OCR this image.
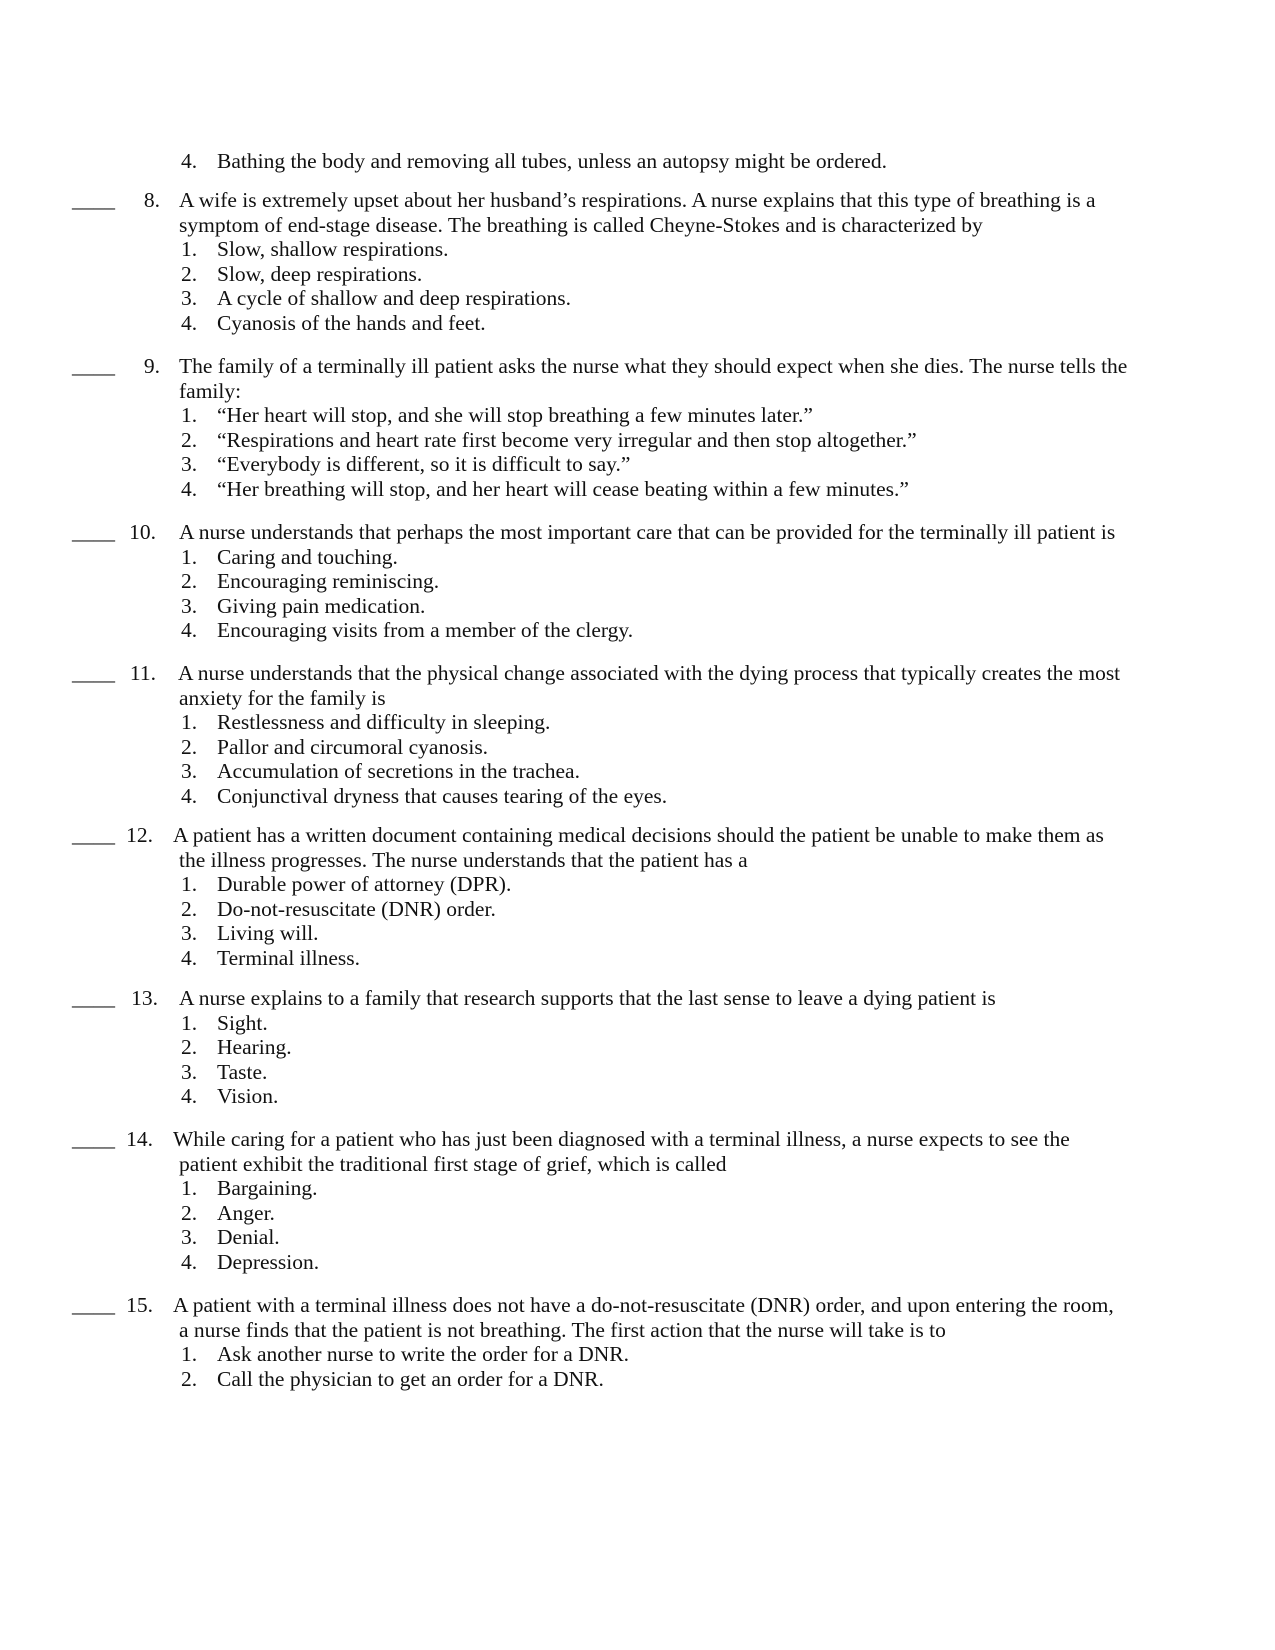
4. Bathing the body and removing all tubes, unless an autopsy might be ordered.
____	8. A wife is extremely upset about her husband’s respirations. A nurse explains that this type of breathing is a
symptom of end-stage disease. The breathing is called Cheyne-Stokes and is characterized by
1. Slow, shallow respirations.
2. Slow, deep respirations.
3. A cycle of shallow and deep respirations.
4. Cyanosis of the hands and feet.
____	9. The family of a terminally ill patient asks the nurse what they should expect when she dies. The nurse tells the
family:
1. “Her heart will stop, and she will stop breathing a few minutes later.”
2. “Respirations and heart rate first become very irregular and then stop altogether.”
3. “Everybody is different, so it is difficult to say.”
4. “Her breathing will stop, and her heart will cease beating within a few minutes.”
____ 10. A nurse understands that perhaps the most important care that can be provided for the terminally ill patient is
1. Caring and touching.
2. Encouraging reminiscing.
3. Giving pain medication.
4. Encouraging visits from a member of the clergy.
____ 11. A nurse understands that the physical change associated with the dying process that typically creates the most
anxiety for the family is
1. Restlessness and difficulty in sleeping.
2. Pallor and circumoral cyanosis.
3. Accumulation of secretions in the trachea.
4. Conjunctival dryness that causes tearing of the eyes.
____ 12. A patient has a written document containing medical decisions should the patient be unable to make them as
the illness progresses. The nurse understands that the patient has a
1. Durable power of attorney (DPR).
2. Do-not-resuscitate (DNR) order.
3. Living will.
4. Terminal illness.
____ 13. A nurse explains to a family that research supports that the last sense to leave a dying patient is
1. Sight.
2. Hearing.
3. Taste.
4. Vision.
____ 14. While caring for a patient who has just been diagnosed with a terminal illness, a nurse expects to see the
patient exhibit the traditional first stage of grief, which is called
1. Bargaining.
2. Anger.
3. Denial.
4. Depression.
____ 15. A patient with a terminal illness does not have a do-not-resuscitate (DNR) order, and upon entering the room,
a nurse finds that the patient is not breathing. The first action that the nurse will take is to
1. Ask another nurse to write the order for a DNR.
2. Call the physician to get an order for a DNR.
